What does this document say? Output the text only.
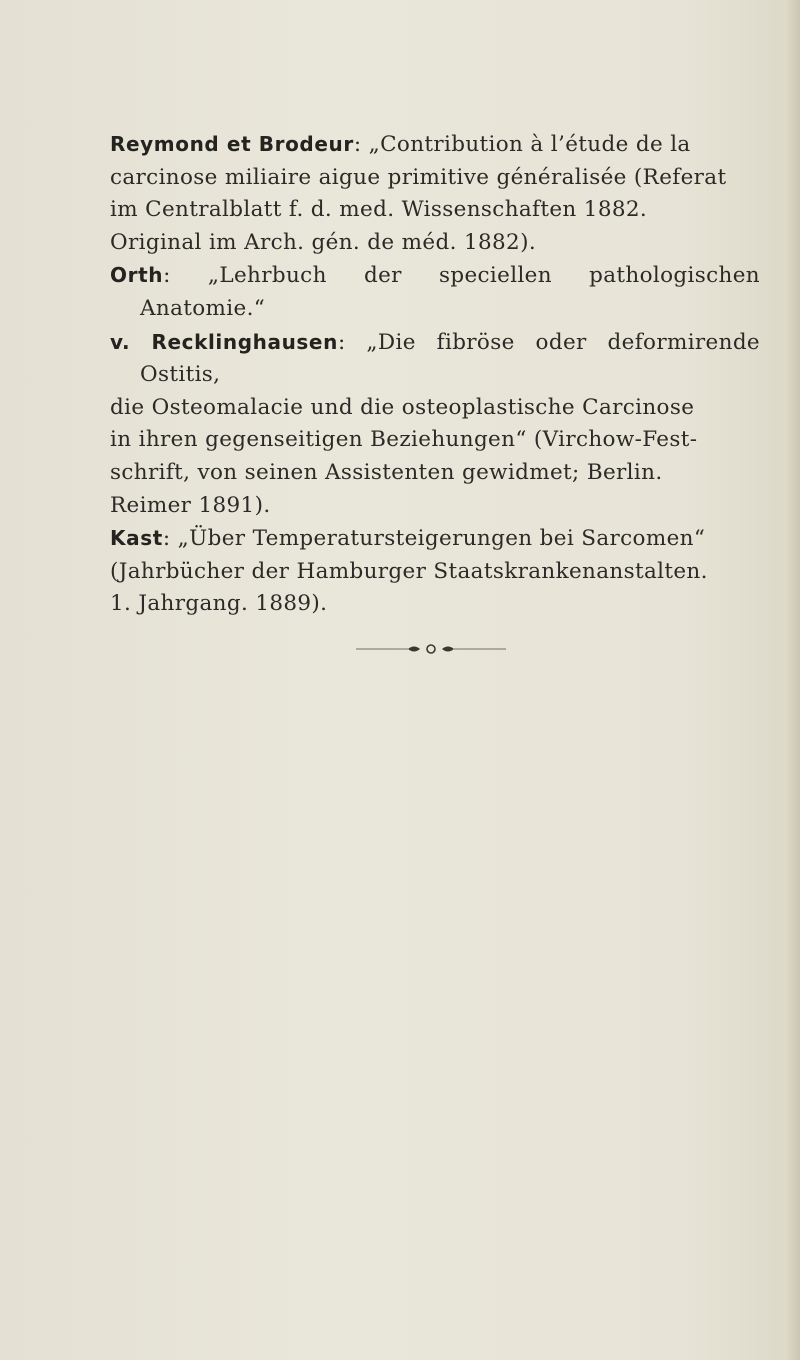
Reymond et Brodeur: „Contribution à l’étude de la
carcinose miliaire aigue primitive généralisée (Referat
im Centralblatt f. d. med. Wissenschaften 1882.
Original im Arch. gén. de méd. 1882).

Orth: „Lehrbuch der speciellen pathologischen Anatomie.“

v. Recklinghausen: „Die fibröse oder deformirende Ostitis,
die Osteomalacie und die osteoplastische Carcinose
in ihren gegenseitigen Beziehungen“ (Virchow-Fest-
schrift, von seinen Assistenten gewidmet; Berlin.
Reimer 1891).

Kast: „Über Temperatursteigerungen bei Sarcomen“
(Jahrbücher der Hamburger Staatskrankenanstalten.
1. Jahrgang. 1889).
